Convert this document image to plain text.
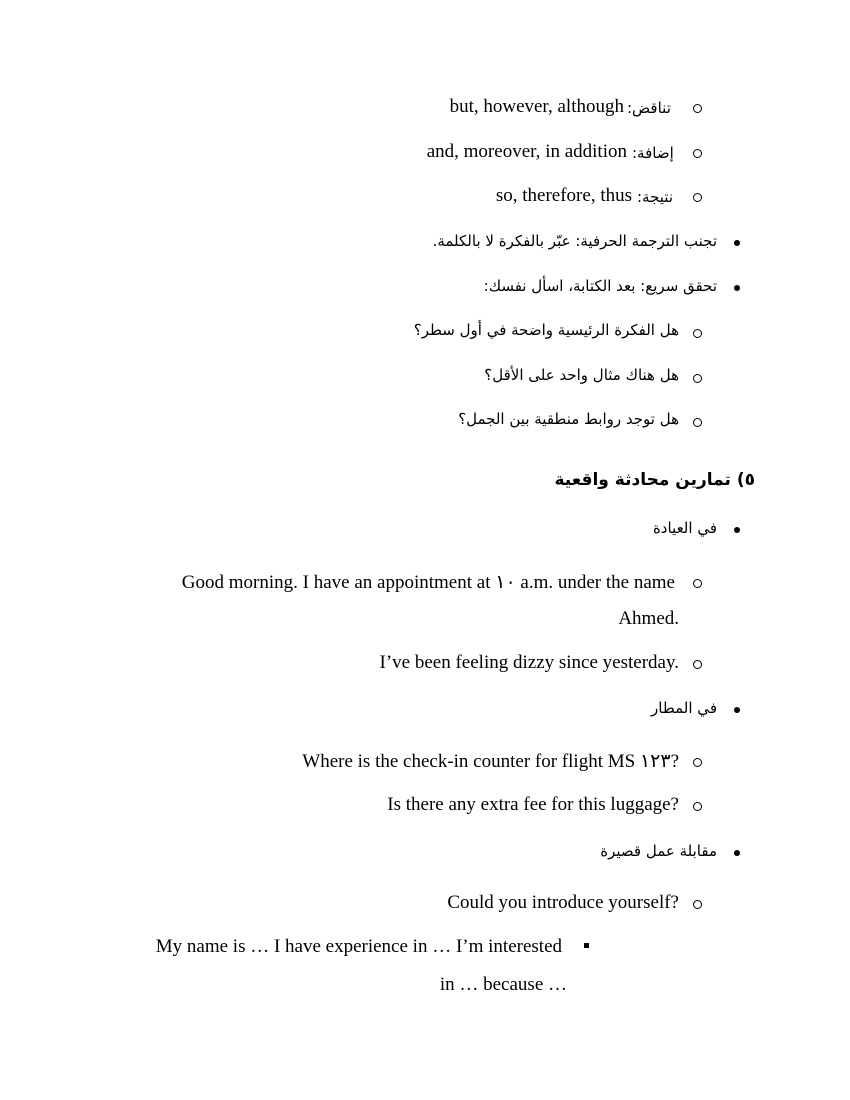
but, however, although تناقض:
and, moreover, in addition إضافة:
so, therefore, thus نتيجة:
تجنب الترجمة الحرفية: عبّر بالفكرة لا بالكلمة.
تحقق سريع: بعد الكتابة، اسأل نفسك:
هل الفكرة الرئيسية واضحة في أول سطر؟
هل هناك مثال واحد على الأقل؟
هل توجد روابط منطقية بين الجمل؟
٥) تمارين محادثة واقعية
في العيادة
Good morning. I have an appointment at ١٠ a.m. under the name
Ahmed.
I’ve been feeling dizzy since yesterday.
في المطار
Where is the check-in counter for flight MS ١٢٣?
Is there any extra fee for this luggage?
مقابلة عمل قصيرة
Could you introduce yourself?
My name is … I have experience in … I’m interested
in … because …
